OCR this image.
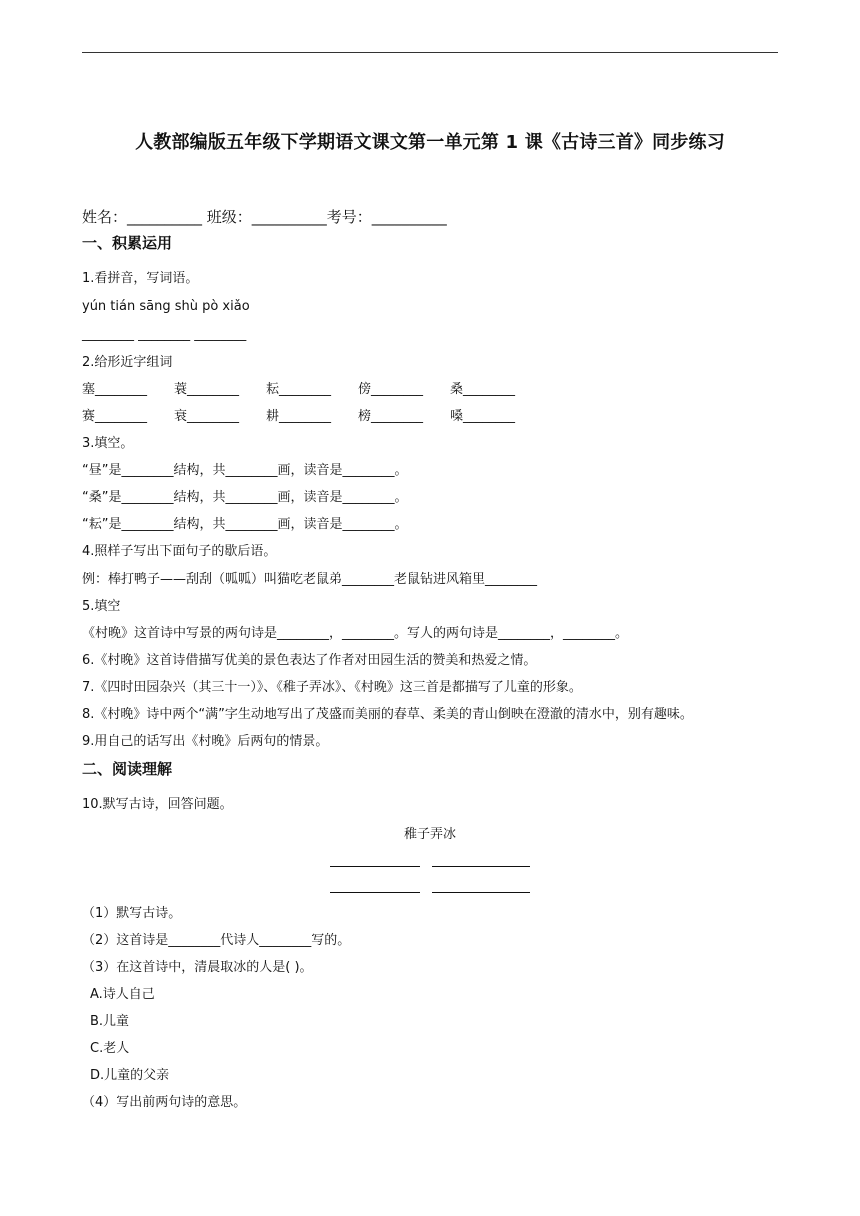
人教部编版五年级下学期语文课文第一单元第 1 课《古诗三首》同步练习
姓名：__________ 班级：__________考号：__________
一、积累运用
1.看拼音，写词语。
yún tián sāng shù pò xiǎo
________ ________ ________
2.给形近字组词
塞________ 蓑________ 耘________ 傍________ 桑________
赛________ 衰________ 耕________ 榜________ 嗓________
3.填空。
“昼”是________结构，共________画，读音是________。
“桑”是________结构，共________画，读音是________。
“耘”是________结构，共________画，读音是________。
4.照样子写出下面句子的歇后语。
例：棒打鸭子——刮刮（呱呱）叫猫吃老鼠弟________老鼠钻进风箱里________
5.填空
《村晚》这首诗中写景的两句诗是________，________。写人的两句诗是________，________。
6.《村晚》这首诗借描写优美的景色表达了作者对田园生活的赞美和热爱之情。
7.《四时田园杂兴（其三十一）》、《稚子弄冰》、《村晚》这三首是都描写了儿童的形象。
8.《村晚》诗中两个“满”字生动地写出了茂盛而美丽的春草、柔美的青山倒映在澄澈的清水中，别有趣味。
9.用自己的话写出《村晚》后两句的情景。
二、阅读理解
10.默写古诗，回答问题。
稚子弄冰

（1）默写古诗。
（2）这首诗是________代诗人________写的。
（3）在这首诗中，清晨取冰的人是( )。
A.诗人自己
B.儿童
C.老人
D.儿童的父亲
（4）写出前两句诗的意思。
